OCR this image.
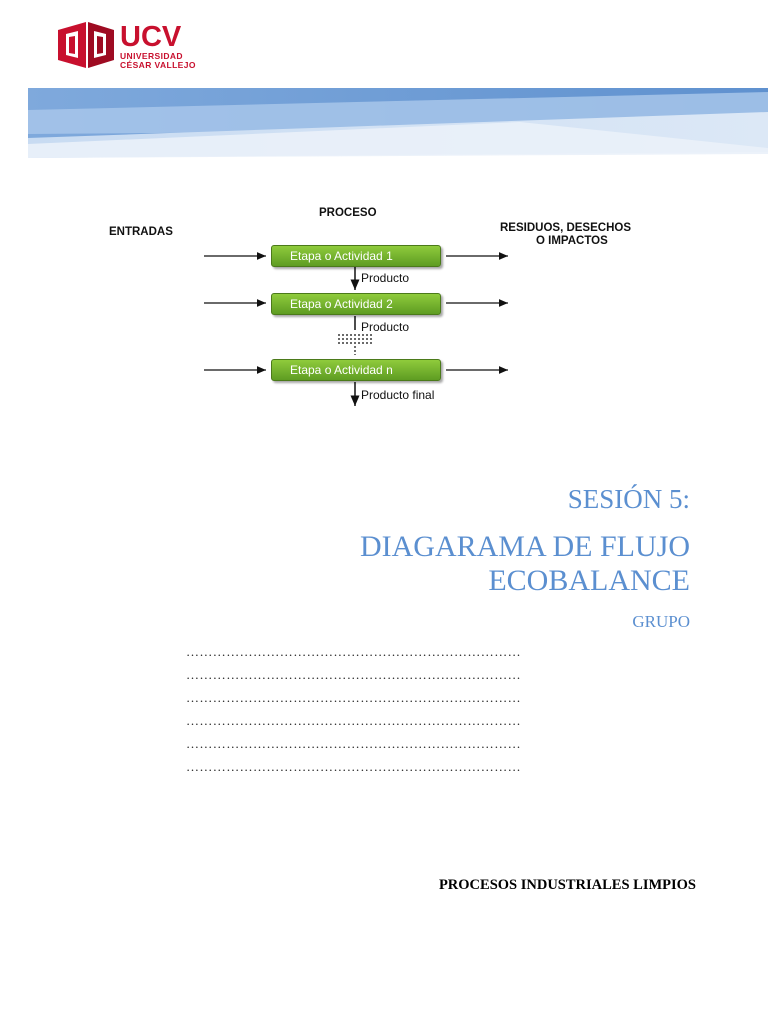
UCV
UNIVERSIDAD
CÉSAR VALLEJO
PROCESO
ENTRADAS	RESIDUOS, DESECHOS
O IMPACTOS
Etapa o Actividad 1
Etapa o Actividad 2
Etapa o Actividad n
Producto
Producto
Producto final
SESIÓN 5:
DIAGARAMA DE FLUJO
ECOBALANCE
GRUPO
…………………………………………………………………
…………………………………………………………………
…………………………………………………………………
…………………………………………………………………
…………………………………………………………………
…………………………………………………………………
PROCESOS INDUSTRIALES LIMPIOS
